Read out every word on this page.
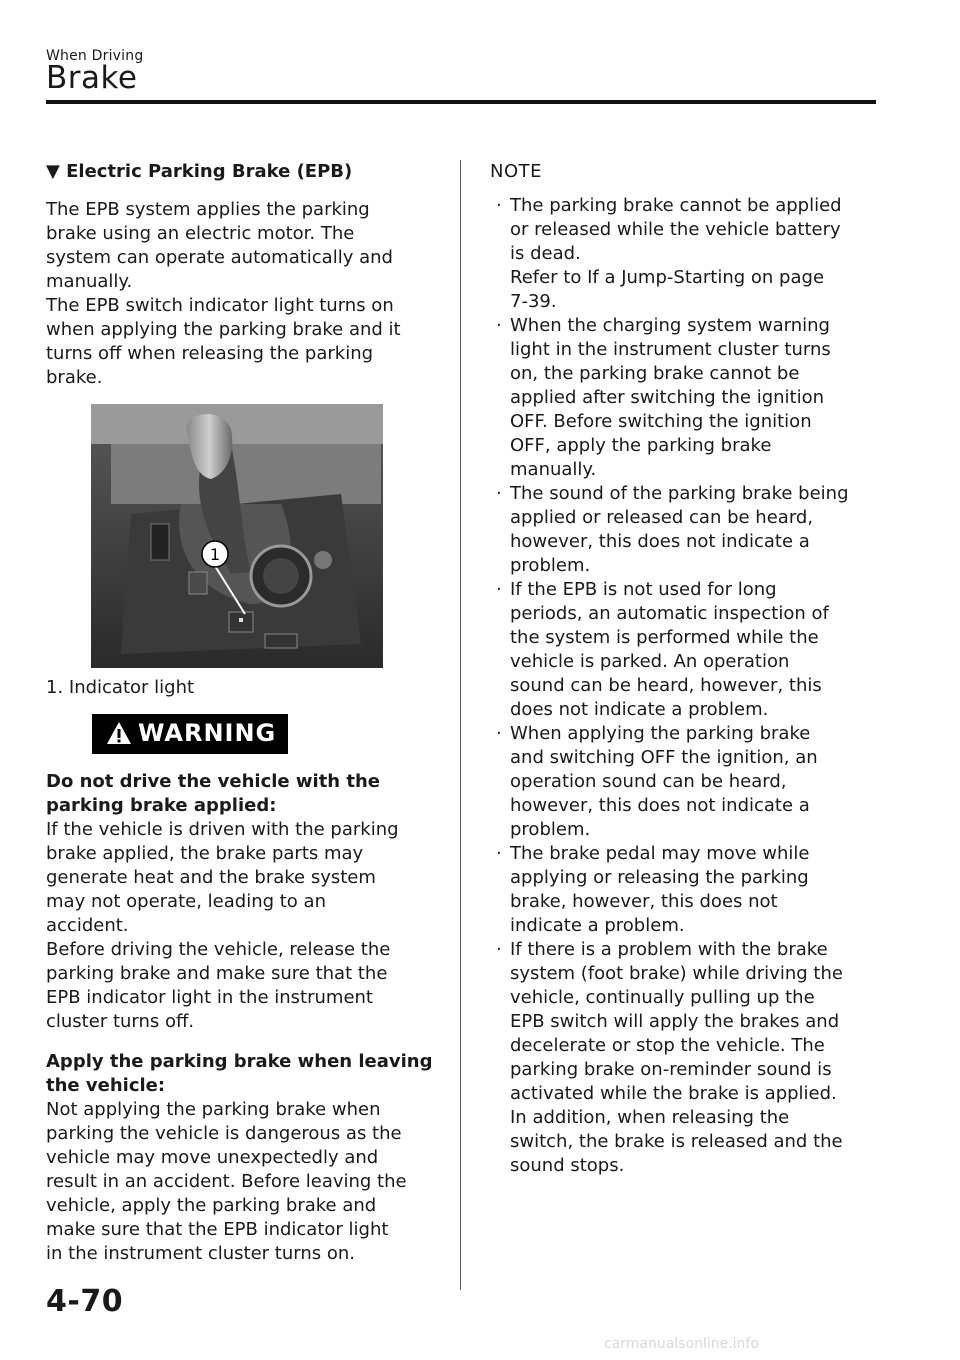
When Driving
Brake
▼ Electric Parking Brake (EPB)
The EPB system applies the parking
brake using an electric motor. The
system can operate automatically and
manually.
The EPB switch indicator light turns on
when applying the parking brake and it
turns off when releasing the parking
brake.
1

1. Indicator light

WARNING
Do not drive the vehicle with the
parking brake applied:
If the vehicle is driven with the parking
brake applied, the brake parts may
generate heat and the brake system
may not operate, leading to an
accident.
Before driving the vehicle, release the
parking brake and make sure that the
EPB indicator light in the instrument
cluster turns off.
Apply the parking brake when leaving
the vehicle:
Not applying the parking brake when
parking the vehicle is dangerous as the
vehicle may move unexpectedly and
result in an accident. Before leaving the
vehicle, apply the parking brake and
make sure that the EPB indicator light
in the instrument cluster turns on.

NOTE

· The parking brake cannot be applied
or released while the vehicle battery
is dead.
Refer to If a Jump-Starting on page
7-39.
· When the charging system warning
light in the instrument cluster turns
on, the parking brake cannot be
applied after switching the ignition
OFF. Before switching the ignition
OFF, apply the parking brake
manually.
· The sound of the parking brake being
applied or released can be heard,
however, this does not indicate a
problem.
· If the EPB is not used for long
periods, an automatic inspection of
the system is performed while the
vehicle is parked. An operation
sound can be heard, however, this
does not indicate a problem.
· When applying the parking brake
and switching OFF the ignition, an
operation sound can be heard,
however, this does not indicate a
problem.
· The brake pedal may move while
applying or releasing the parking
brake, however, this does not
indicate a problem.
· If there is a problem with the brake
system (foot brake) while driving the
vehicle, continually pulling up the
EPB switch will apply the brakes and
decelerate or stop the vehicle. The
parking brake on-reminder sound is
activated while the brake is applied.
In addition, when releasing the
switch, the brake is released and the
sound stops.
4-70
carmanualsonline.info
